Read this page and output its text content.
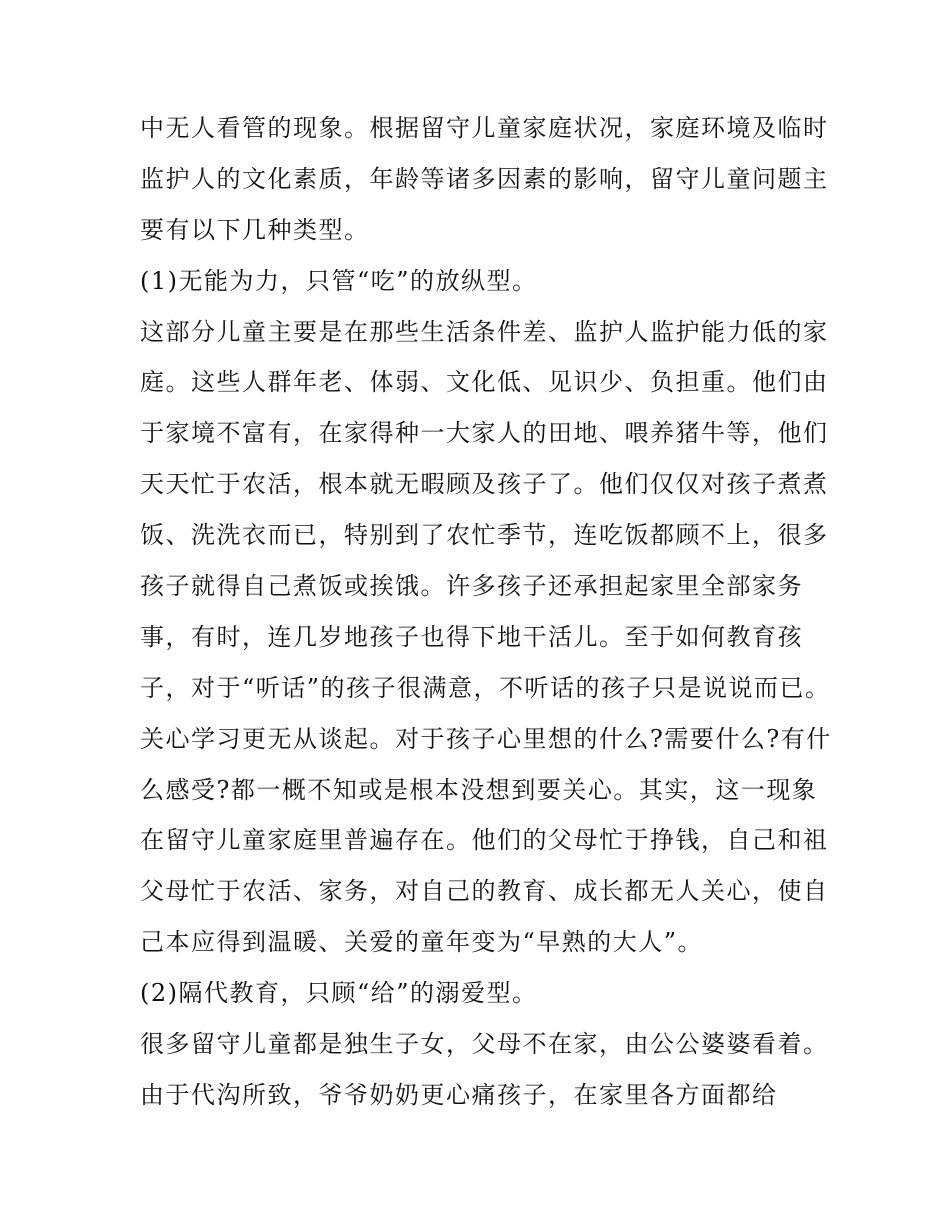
中无人看管的现象。根据留守儿童家庭状况，家庭环境及临时
监护人的文化素质，年龄等诸多因素的影响，留守儿童问题主
要有以下几种类型。
(1)无能为力，只管“吃”的放纵型。
这部分儿童主要是在那些生活条件差、监护人监护能力低的家
庭。这些人群年老、体弱、文化低、见识少、负担重。他们由
于家境不富有，在家得种一大家人的田地、喂养猪牛等，他们
天天忙于农活，根本就无暇顾及孩子了。他们仅仅对孩子煮煮
饭、洗洗衣而已，特别到了农忙季节，连吃饭都顾不上，很多
孩子就得自己煮饭或挨饿。许多孩子还承担起家里全部家务
事，有时，连几岁地孩子也得下地干活儿。至于如何教育孩
子，对于“听话”的孩子很满意，不听话的孩子只是说说而已。
关心学习更无从谈起。对于孩子心里想的什么?需要什么?有什
么感受?都一概不知或是根本没想到要关心。其实，这一现象
在留守儿童家庭里普遍存在。他们的父母忙于挣钱，自己和祖
父母忙于农活、家务，对自己的教育、成长都无人关心，使自
己本应得到温暖、关爱的童年变为“早熟的大人”。
(2)隔代教育，只顾“给”的溺爱型。
很多留守儿童都是独生子女，父母不在家，由公公婆婆看着。
由于代沟所致，爷爷奶奶更心痛孩子，在家里各方面都给
